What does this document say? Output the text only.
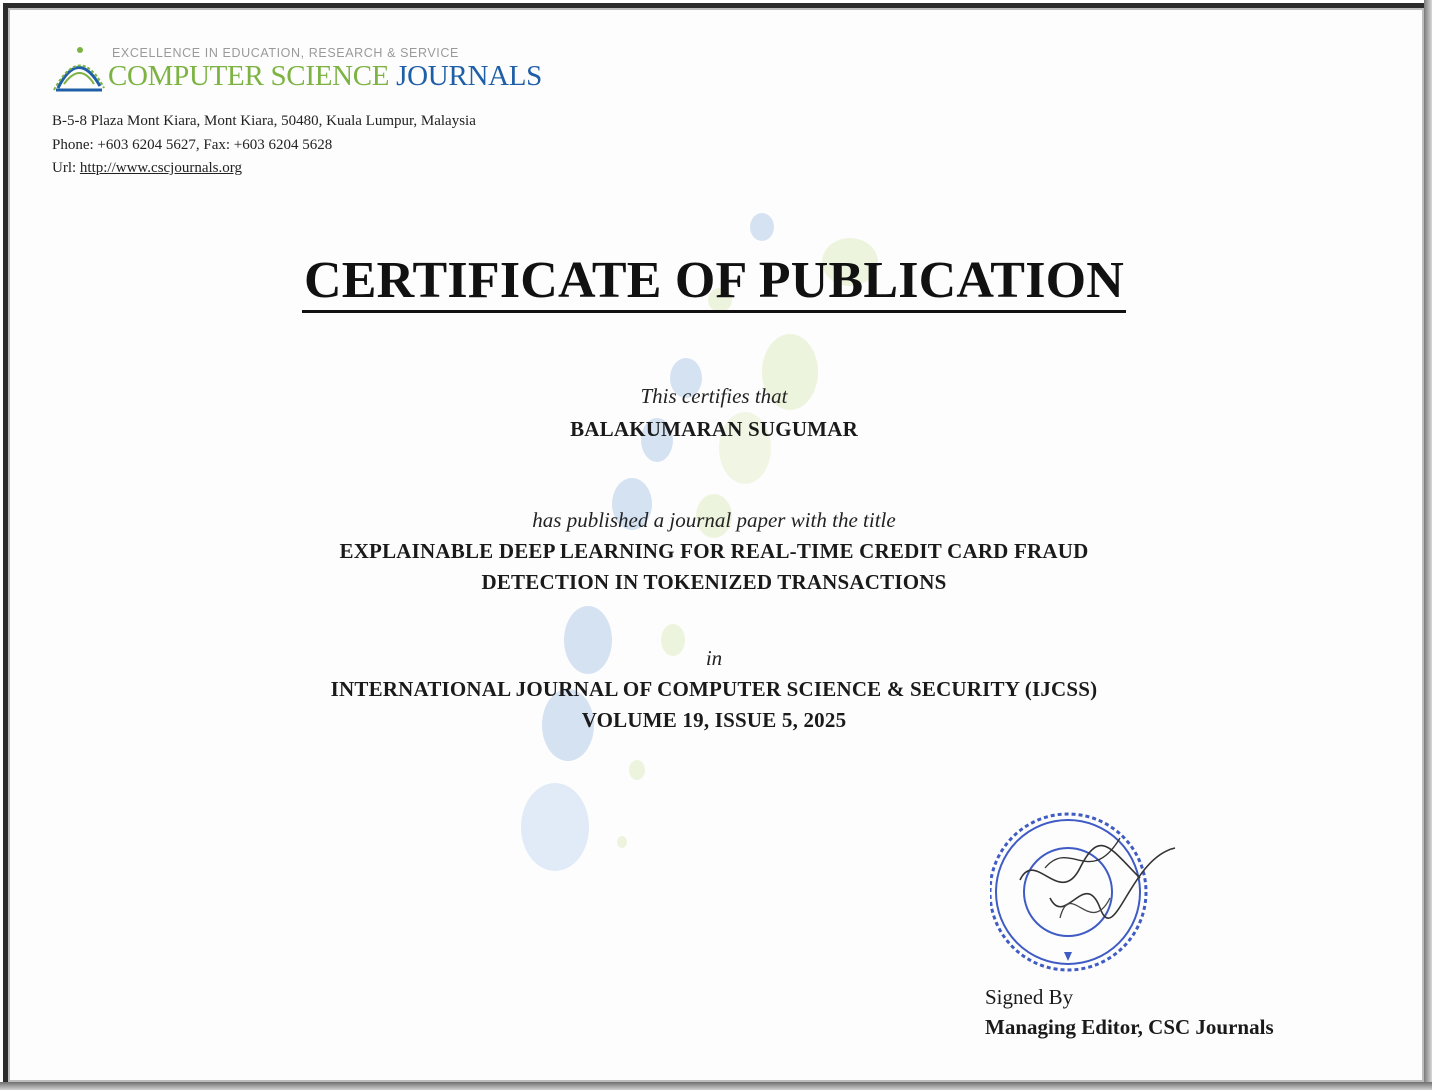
EXCELLENCE IN EDUCATION, RESEARCH & SERVICE
COMPUTER SCIENCE JOURNALS
B-5-8 Plaza Mont Kiara, Mont Kiara, 50480, Kuala Lumpur, Malaysia
Phone: +603 6204 5627, Fax: +603 6204 5628
Url: http://www.cscjournals.org
CERTIFICATE OF PUBLICATION
This certifies that
BALAKUMARAN SUGUMAR
has published a journal paper with the title
EXPLAINABLE DEEP LEARNING FOR REAL-TIME CREDIT CARD FRAUD
DETECTION IN TOKENIZED TRANSACTIONS
in
INTERNATIONAL JOURNAL OF COMPUTER SCIENCE & SECURITY (IJCSS)
VOLUME 19, ISSUE 5, 2025
Signed By
Managing Editor, CSC Journals
